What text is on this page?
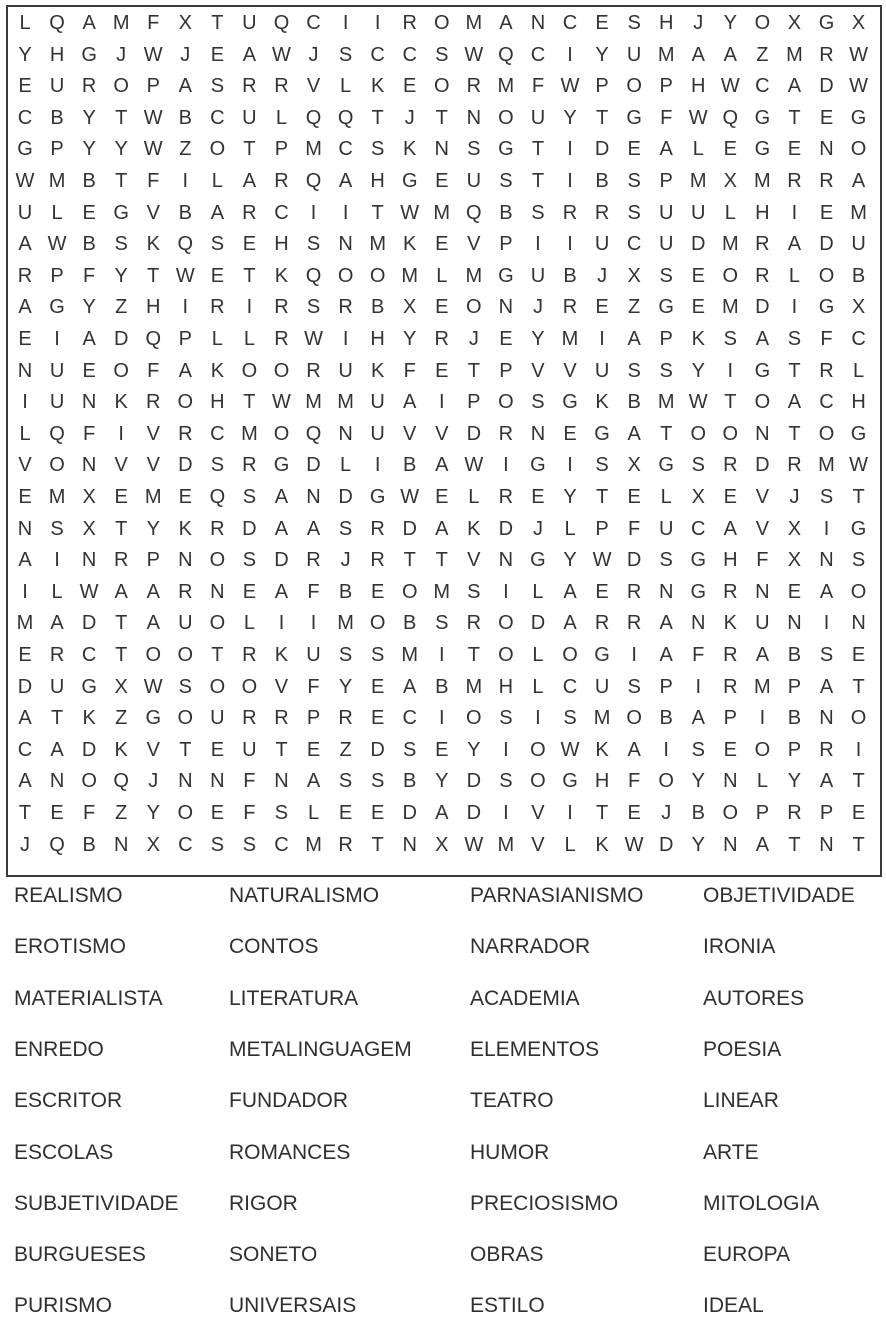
L Q A M F X T U Q C	I	I	R O M A N C E S H J	Y O X G X
Y H G J W J	E A W J	S C C S W Q C	I	Y U M A A Z M R W
E U R O P A S R R V L K E O R M F W P O P H W C A D W
C B Y T W B C U L Q Q T	J	T N O U Y T G F W Q G T E G
G P Y Y W Z O T P M C S K N S G T	I	D E A L E G E N O
W M B T F	I	L A R Q A H G E U S T	I	B S P M X M R R A
U L E G V B A R C	I	I	T W M Q B S R R S U U L H	I	E M
A W B S K Q S E H S N M K E V P	I	I	U C U D M R A D U
R P F Y T W E T K Q O O M L M G U B	J	X S E O R L O B
A G Y Z H	I	R	I	R S R B X E O N J R E Z G E M D	I	G X
E	I	A D Q P L	L R W I	H Y R J	E Y M	I	A P K S A S F C
N U E O F A K O O R U K F E T P V V U S S Y	I	G T R L
I	U N K R O H T W M M U A	I	P O S G K B M W T O A C H
L Q F	I	V R C M O Q N U V V D R N E G A T O O N T O G
V O N V V D S R G D L	I	B A W I	G	I	S X G S R D R M W
E M X E M E Q S A N D G W E L R E Y T E L X E V	J	S T
N S X T Y K R D A A S R D A K D J	L P F U C A V X	I	G
A	I	N R P N O S D R J R T T V N G Y W D S G H F X N S
I	L W A A R N E A F B E O M S	I	L A E R N G R N E A O
M A D T A U O L	I	I	M O B S R O D A R R A N K U N	I	N
E R C T O O T R K U S S M	I	T O L O G	I	A F R A B S E
D U G X W S O O V F Y E A B M H L C U S P	I	R M P A T
A T K Z G O U R R P R E C	I	O S	I	S M O B A P	I	B N O
C A D K V T E U T E Z D S E Y	I	O W K A	I	S E O P R	I
A N O Q J N N F N A S S B Y D S O G H F O Y N L Y A T
T E F Z Y O E F S L E E D A D	I	V	I	T E	J	B O P R P E
J Q B N X C S S C M R T N X W M V L K W D Y N A T N T
REALISMO	NATURALISMO	PARNASIANISMO	OBJETIVIDADE
EROTISMO	CONTOS	NARRADOR	IRONIA
MATERIALISTA	LITERATURA	ACADEMIA	AUTORES
ENREDO	METALINGUAGEM	ELEMENTOS	POESIA
ESCRITOR	FUNDADOR	TEATRO	LINEAR
ESCOLAS	ROMANCES	HUMOR	ARTE
SUBJETIVIDADE RIGOR	PRECIOSISMO	MITOLOGIA
BURGUESES	SONETO	OBRAS	EUROPA
PURISMO	UNIVERSAIS	ESTILO	IDEAL
